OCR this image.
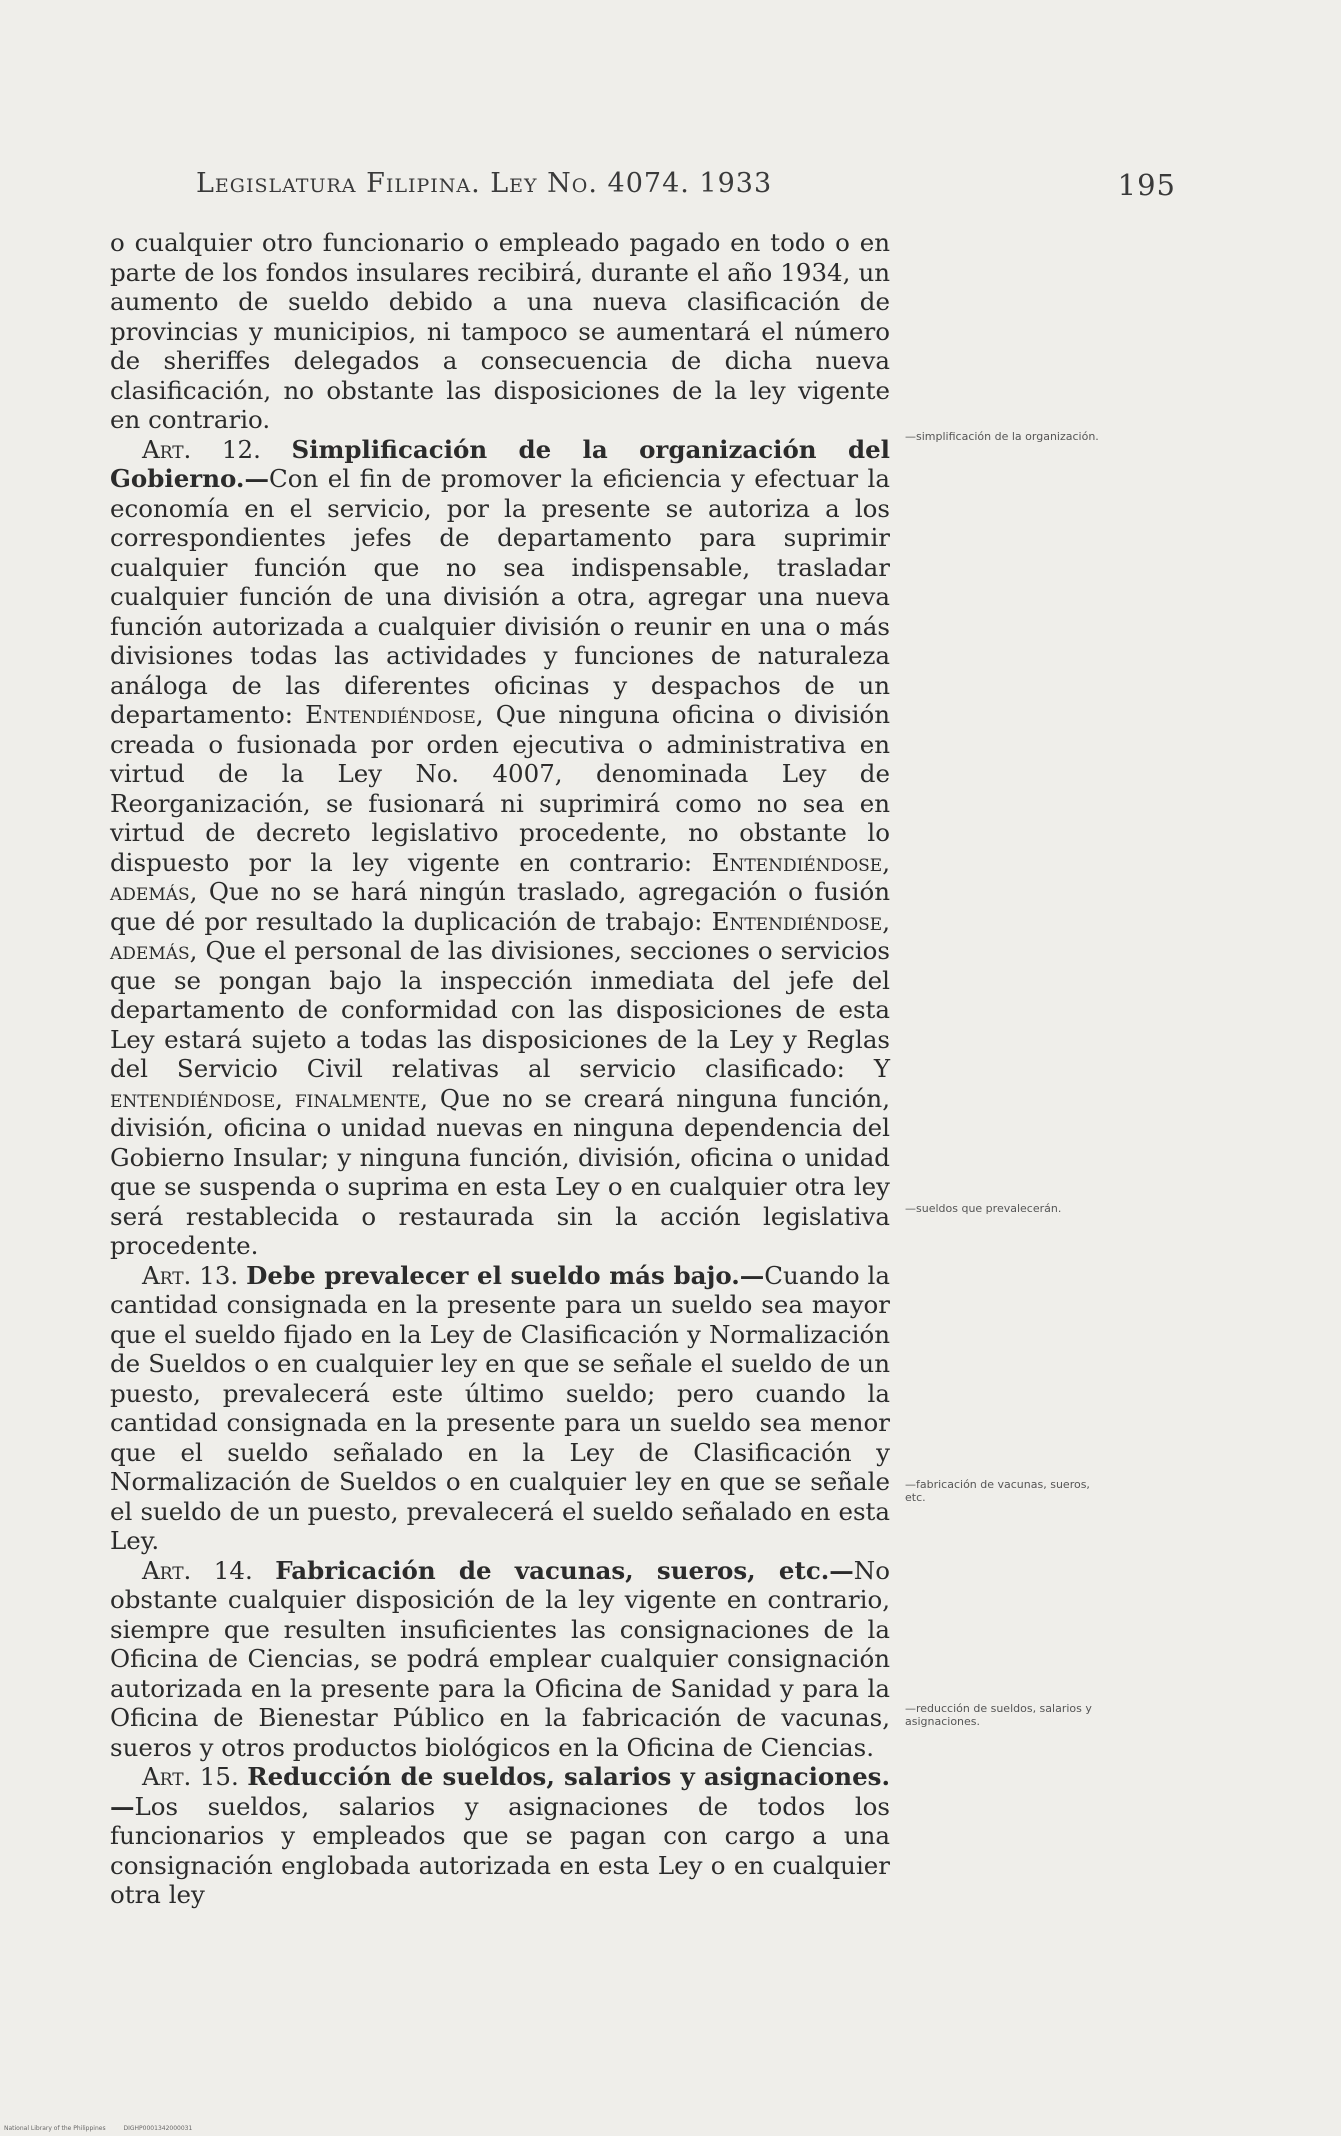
Legislatura Filipina. Ley No. 4074. 1933	195

o cualquier otro funcionario o empleado pagado en todo o en parte de los fondos insulares recibirá, durante el año 1934, un aumento de sueldo debido a una nueva clasificación de provincias y municipios, ni tampoco se aumentará el número de sheriffes delegados a consecuencia de dicha nueva clasificación, no obstante las disposiciones de la ley vigente en contrario.

Art. 12. Simplificación de la organización del Gobierno.—Con el fin de promover la eficiencia y efectuar la economía en el servicio, por la presente se autoriza a los correspondientes jefes de departamento para suprimir cualquier función que no sea indispensable, trasladar cualquier función de una división a otra, agregar una nueva función autorizada a cualquier división o reunir en una o más divisiones todas las actividades y funciones de naturaleza análoga de las diferentes oficinas y despachos de un departamento: Entendiéndose, Que ninguna oficina o división creada o fusionada por orden ejecutiva o administrativa en virtud de la Ley No. 4007, denominada Ley de Reorganización, se fusionará ni suprimirá como no sea en virtud de decreto legislativo procedente, no obstante lo dispuesto por la ley vigente en contrario: Entendiéndose, además, Que no se hará ningún traslado, agregación o fusión que dé por resultado la duplicación de trabajo: Entendiéndose, además, Que el personal de las divisiones, secciones o servicios que se pongan bajo la inspección inmediata del jefe del departamento de conformidad con las disposiciones de esta Ley estará sujeto a todas las disposiciones de la Ley y Reglas del Servicio Civil relativas al servicio clasificado: Y entendiéndose, finalmente, Que no se creará ninguna función, división, oficina o unidad nuevas en ninguna dependencia del Gobierno Insular; y ninguna función, división, oficina o unidad que se suspenda o suprima en esta Ley o en cualquier otra ley será restablecida o restaurada sin la acción legislativa procedente.

Art. 13. Debe prevalecer el sueldo más bajo.—Cuando la cantidad consignada en la presente para un sueldo sea mayor que el sueldo fijado en la Ley de Clasificación y Normalización de Sueldos o en cualquier ley en que se señale el sueldo de un puesto, prevalecerá este último sueldo; pero cuando la cantidad consignada en la presente para un sueldo sea menor que el sueldo señalado en la Ley de Clasificación y Normalización de Sueldos o en cualquier ley en que se señale el sueldo de un puesto, prevalecerá el sueldo señalado en esta Ley.

Art. 14. Fabricación de vacunas, sueros, etc.—No obstante cualquier disposición de la ley vigente en contrario, siempre que resulten insuficientes las consignaciones de la Oficina de Ciencias, se podrá emplear cualquier consignación autorizada en la presente para la Oficina de Sanidad y para la Oficina de Bienestar Público en la fabricación de vacunas, sueros y otros productos biológicos en la Oficina de Ciencias.

Art. 15. Reducción de sueldos, salarios y asignaciones.—Los sueldos, salarios y asignaciones de todos los funcionarios y empleados que se pagan con cargo a una consignación englobada autorizada en esta Ley o en cualquier otra ley

—simplificación de la organización.
—sueldos que prevalecerán.
—fabricación de vacunas, sueros, etc.
—reducción de sueldos, salarios y asignaciones.
National Library of the Philippines	DIGHP0001342000031
